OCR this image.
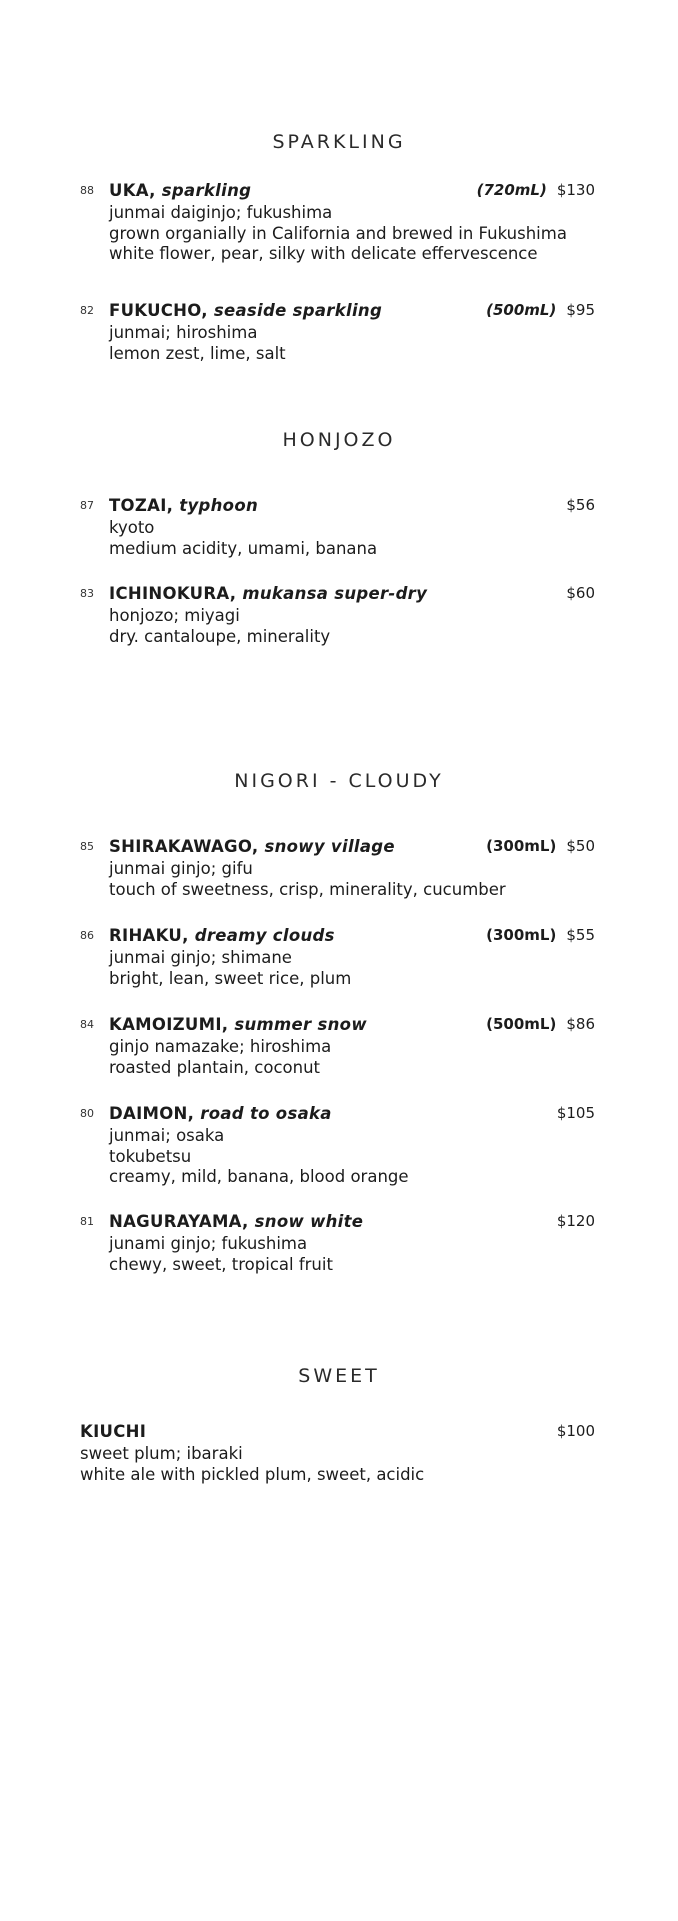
SPARKLING
88 UKA, sparkling	(720mL) $130
junmai daiginjo; fukushima
grown organially in California and brewed in Fukushima
white flower, pear, silky with delicate effervescence
82 FUKUCHO, seaside sparkling	(500mL) $95
junmai; hiroshima
lemon zest, lime, salt
HONJOZO
87 TOZAI, typhoon	$56
kyoto
medium acidity, umami, banana
83 ICHINOKURA, mukansa super-dry	$60
honjozo; miyagi
dry. cantaloupe, minerality
NIGORI - CLOUDY
85 SHIRAKAWAGO, snowy village	(300mL) $50
junmai ginjo; gifu
touch of sweetness, crisp, minerality, cucumber
86 RIHAKU, dreamy clouds	(300mL) $55
junmai ginjo; shimane
bright, lean, sweet rice, plum
84 KAMOIZUMI, summer snow	(500mL) $86
ginjo namazake; hiroshima
roasted plantain, coconut
80 DAIMON, road to osaka	$105
junmai; osaka
tokubetsu
creamy, mild, banana, blood orange
81 NAGURAYAMA, snow white	$120
junami ginjo; fukushima
chewy, sweet, tropical fruit
SWEET
KIUCHI	$100
sweet plum; ibaraki
white ale with pickled plum, sweet, acidic
